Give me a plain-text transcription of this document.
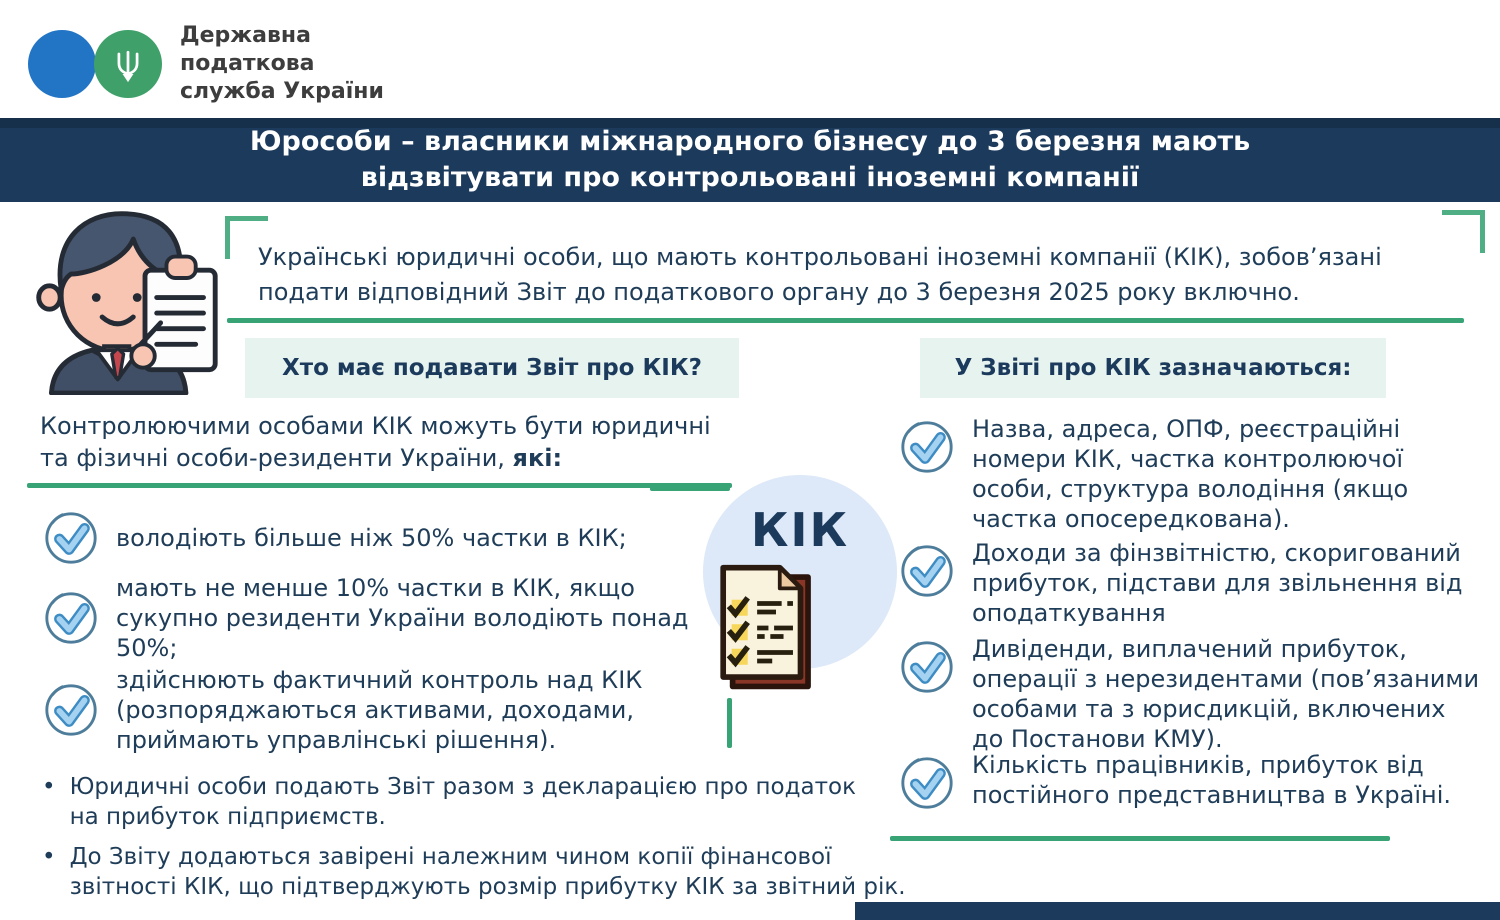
Державна
податкова
служба України
Юрособи – власники міжнародного бізнесу до 3 березня мають
відзвітувати про контрольовані іноземні компанії
Українські юридичні особи, що мають контрольовані іноземні компанії (КІК), зобов’язані
подати відповідний Звіт до податкового органу до 3 березня 2025 року включно.
Хто має подавати Звіт про КІК?	У Звіті про КІК зазначаються:
Контролюючими особами КІК можуть бути юридичні
та фізичні особи-резиденти України, які:
володіють більше ніж 50% частки в КІК;
мають не менше 10% частки в КІК, якщо сукупно резиденти України володіють понад 50%;
здійснюють фактичний контроль над КІК (розпоряджаються активами, доходами, приймають управлінські рішення).
• Юридичні особи подають Звіт разом з декларацією про податок на прибуток підприємств.
• До Звіту додаються завірені належним чином копії фінансової звітності КІК, що підтверджують розмір прибутку КІК за звітний рік.
КІК
Назва, адреса, ОПФ, реєстраційні номери КІК, частка контролюючої особи, структура володіння (якщо частка опосередкована).
Доходи за фінзвітністю, скоригований прибуток, підстави для звільнення від оподаткування
Дивіденди, виплачений прибуток, операції з нерезидентами (пов’язаними особами та з юрисдикцій, включених до Постанови КМУ).
Кількість працівників, прибуток від постійного представництва в Україні.
